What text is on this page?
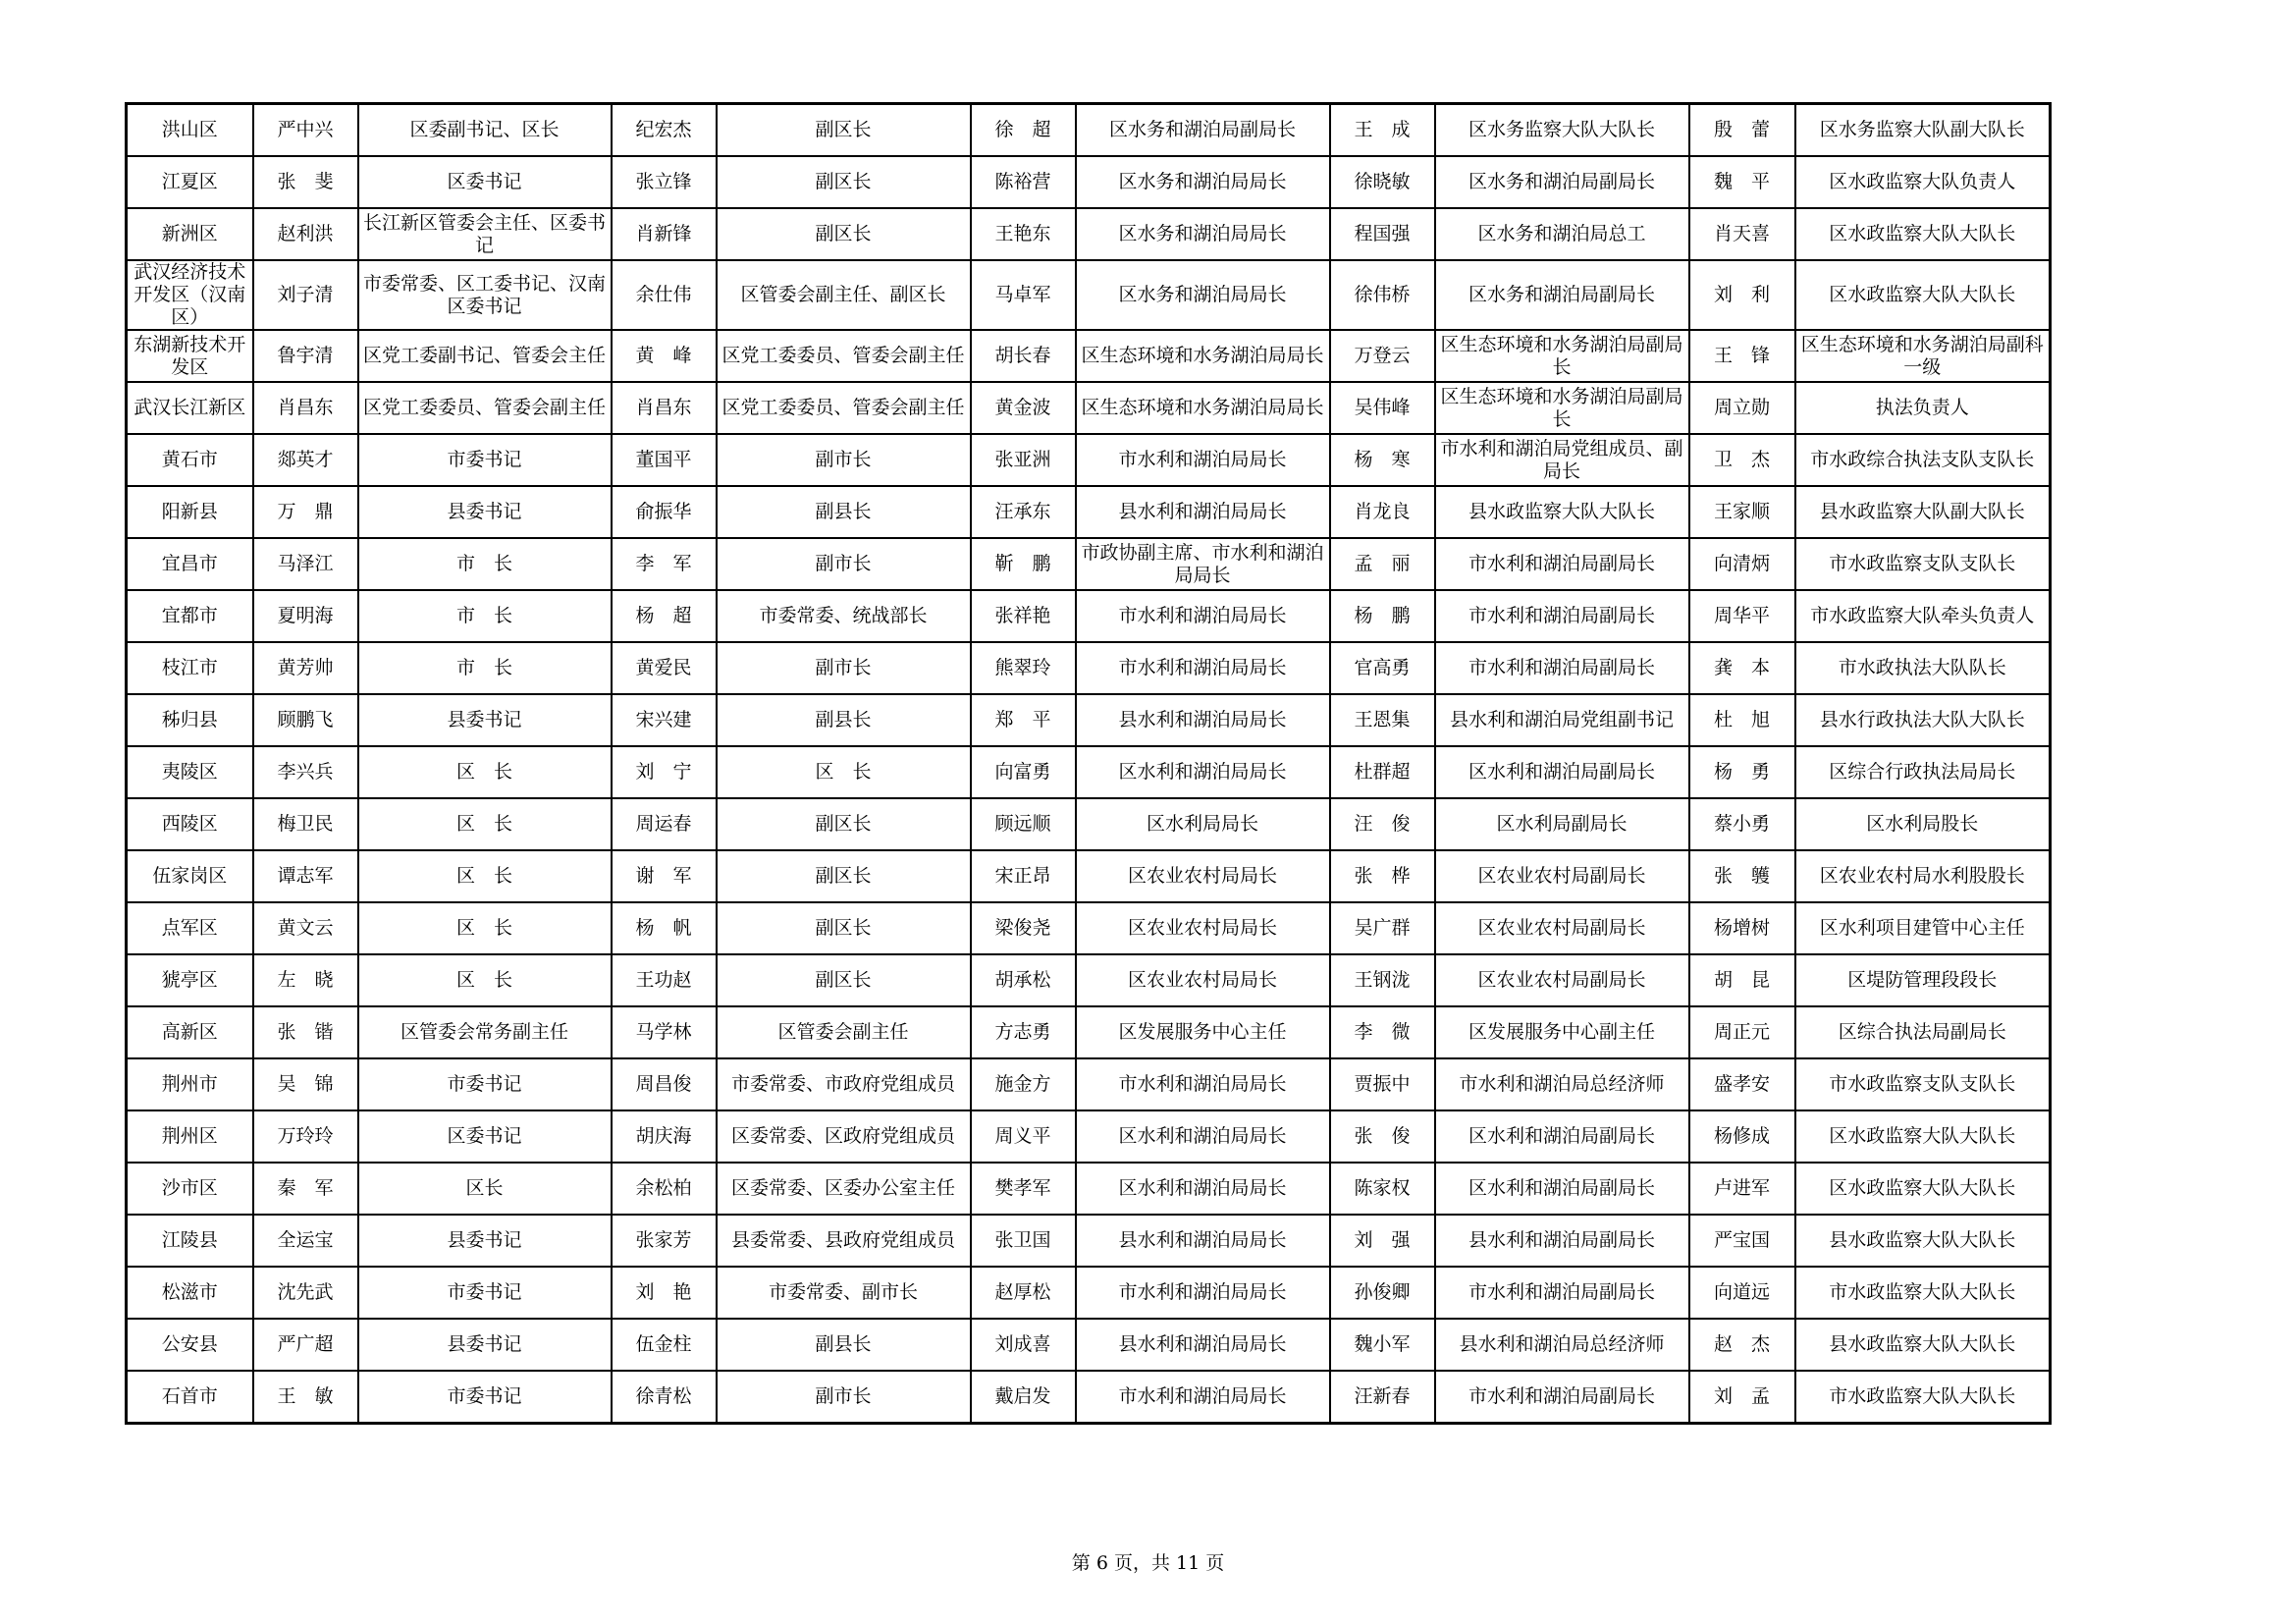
洪山区	严中兴	区委副书记、区长	纪宏杰	副区长	徐　超	区水务和湖泊局副局长	王　成	区水务监察大队大队长	殷　蕾	区水务监察大队副大队长
江夏区	张　斐	区委书记	张立锋	副区长	陈裕营	区水务和湖泊局局长	徐晓敏	区水务和湖泊局副局长	魏　平	区水政监察大队负责人
新洲区	赵利洪	长江新区管委会主任、区委书记	肖新锋	副区长	王艳东	区水务和湖泊局局长	程国强	区水务和湖泊局总工	肖天喜	区水政监察大队大队长
武汉经济技术开发区（汉南区）	刘子清	市委常委、区工委书记、汉南区委书记	余仕伟	区管委会副主任、副区长	马卓军	区水务和湖泊局局长	徐伟桥	区水务和湖泊局副局长	刘　利	区水政监察大队大队长
东湖新技术开发区	鲁宇清	区党工委副书记、管委会主任	黄　峰	区党工委委员、管委会副主任	胡长春	区生态环境和水务湖泊局局长	万登云	区生态环境和水务湖泊局副局长	王　锋	区生态环境和水务湖泊局副科一级
武汉长江新区	肖昌东	区党工委委员、管委会副主任	肖昌东	区党工委委员、管委会副主任	黄金波	区生态环境和水务湖泊局局长	吴伟峰	区生态环境和水务湖泊局副局长	周立勋	执法负责人
黄石市	郯英才	市委书记	董国平	副市长	张亚洲	市水利和湖泊局局长	杨　寒	市水利和湖泊局党组成员、副局长	卫　杰	市水政综合执法支队支队长
阳新县	万　鼎	县委书记	俞振华	副县长	汪承东	县水利和湖泊局局长	肖龙良	县水政监察大队大队长	王家顺	县水政监察大队副大队长
宜昌市	马泽江	市　长	李　军	副市长	靳　鹏	市政协副主席、市水利和湖泊局局长	孟　丽	市水利和湖泊局副局长	向清炳	市水政监察支队支队长
宜都市	夏明海	市　长	杨　超	市委常委、统战部长	张祥艳	市水利和湖泊局局长	杨　鹏	市水利和湖泊局副局长	周华平	市水政监察大队牵头负责人
枝江市	黄芳帅	市　长	黄爱民	副市长	熊翠玲	市水利和湖泊局局长	官高勇	市水利和湖泊局副局长	龚　本	市水政执法大队队长
秭归县	顾鹏飞	县委书记	宋兴建	副县长	郑　平	县水利和湖泊局局长	王恩集	县水利和湖泊局党组副书记	杜　旭	县水行政执法大队大队长
夷陵区	李兴兵	区　长	刘　宁	区　长	向富勇	区水利和湖泊局局长	杜群超	区水利和湖泊局副局长	杨　勇	区综合行政执法局局长
西陵区	梅卫民	区　长	周运春	副区长	顾远顺	区水利局局长	汪　俊	区水利局副局长	蔡小勇	区水利局股长
伍家岗区	谭志军	区　长	谢　军	副区长	宋正昂	区农业农村局局长	张　桦	区农业农村局副局长	张　鹱	区农业农村局水利股股长
点军区	黄文云	区　长	杨　帆	副区长	梁俊尧	区农业农村局局长	吴广群	区农业农村局副局长	杨增树	区水利项目建管中心主任
猇亭区	左　晓	区　长	王功赵	副区长	胡承松	区农业农村局局长	王钢泷	区农业农村局副局长	胡　昆	区堤防管理段段长
高新区	张　锴	区管委会常务副主任	马学林	区管委会副主任	方志勇	区发展服务中心主任	李　微	区发展服务中心副主任	周正元	区综合执法局副局长
荆州市	吴　锦	市委书记	周昌俊	市委常委、市政府党组成员	施金方	市水利和湖泊局局长	贾振中	市水利和湖泊局总经济师	盛孝安	市水政监察支队支队长
荆州区	万玲玲	区委书记	胡庆海	区委常委、区政府党组成员	周义平	区水利和湖泊局局长	张　俊	区水利和湖泊局副局长	杨修成	区水政监察大队大队长
沙市区	秦　军	区长	余松柏	区委常委、区委办公室主任	樊孝军	区水利和湖泊局局长	陈家权	区水利和湖泊局副局长	卢进军	区水政监察大队大队长
江陵县	全运宝	县委书记	张家芳	县委常委、县政府党组成员	张卫国	县水利和湖泊局局长	刘　强	县水利和湖泊局副局长	严宝国	县水政监察大队大队长
松滋市	沈先武	市委书记	刘　艳	市委常委、副市长	赵厚松	市水利和湖泊局局长	孙俊卿	市水利和湖泊局副局长	向道远	市水政监察大队大队长
公安县	严广超	县委书记	伍金柱	副县长	刘成喜	县水利和湖泊局局长	魏小军	县水利和湖泊局总经济师	赵　杰	县水政监察大队大队长
石首市	王　敏	市委书记	徐青松	副市长	戴启发	市水利和湖泊局局长	汪新春	市水利和湖泊局副局长	刘　孟	市水政监察大队大队长
第 6 页，共 11 页
